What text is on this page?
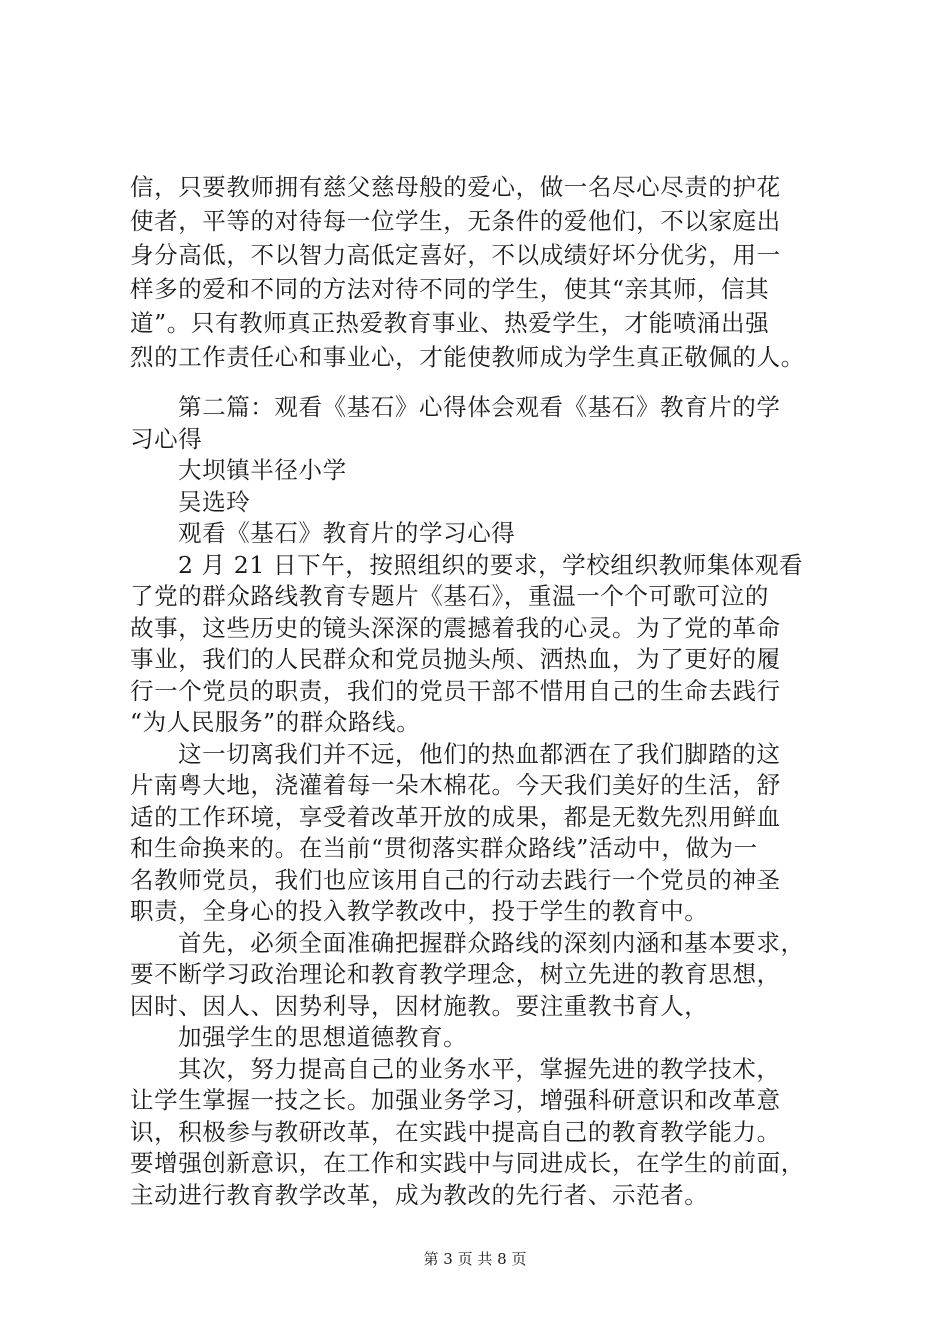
信，只要教师拥有慈父慈母般的爱心，做一名尽心尽责的护花
使者，平等的对待每一位学生，无条件的爱他们，不以家庭出
身分高低，不以智力高低定喜好，不以成绩好坏分优劣，用一
样多的爱和不同的方法对待不同的学生，使其“亲其师，信其
道”。只有教师真正热爱教育事业、热爱学生，才能喷涌出强
烈的工作责任心和事业心，才能使教师成为学生真正敬佩的人。
第二篇：观看《基石》心得体会观看《基石》教育片的学
习心得
大坝镇半径小学
吴选玲
观看《基石》教育片的学习心得
2 月 21 日下午，按照组织的要求，学校组织教师集体观看
了党的群众路线教育专题片《基石》，重温一个个可歌可泣的
故事，这些历史的镜头深深的震撼着我的心灵。为了党的革命
事业，我们的人民群众和党员抛头颅、洒热血，为了更好的履
行一个党员的职责，我们的党员干部不惜用自己的生命去践行
“为人民服务”的群众路线。
这一切离我们并不远，他们的热血都洒在了我们脚踏的这
片南粤大地，浇灌着每一朵木棉花。今天我们美好的生活，舒
适的工作环境，享受着改革开放的成果，都是无数先烈用鲜血
和生命换来的。在当前“贯彻落实群众路线”活动中，做为一
名教师党员，我们也应该用自己的行动去践行一个党员的神圣
职责，全身心的投入教学教改中，投于学生的教育中。
首先，必须全面准确把握群众路线的深刻内涵和基本要求，
要不断学习政治理论和教育教学理念，树立先进的教育思想，
因时、因人、因势利导，因材施教。要注重教书育人，
加强学生的思想道德教育。
其次，努力提高自己的业务水平，掌握先进的教学技术，
让学生掌握一技之长。加强业务学习，增强科研意识和改革意
识，积极参与教研改革，在实践中提高自己的教育教学能力。
要增强创新意识，在工作和实践中与同进成长，在学生的前面，
第 3 页 共 8 页
主动进行教育教学改革，成为教改的先行者、示范者。
